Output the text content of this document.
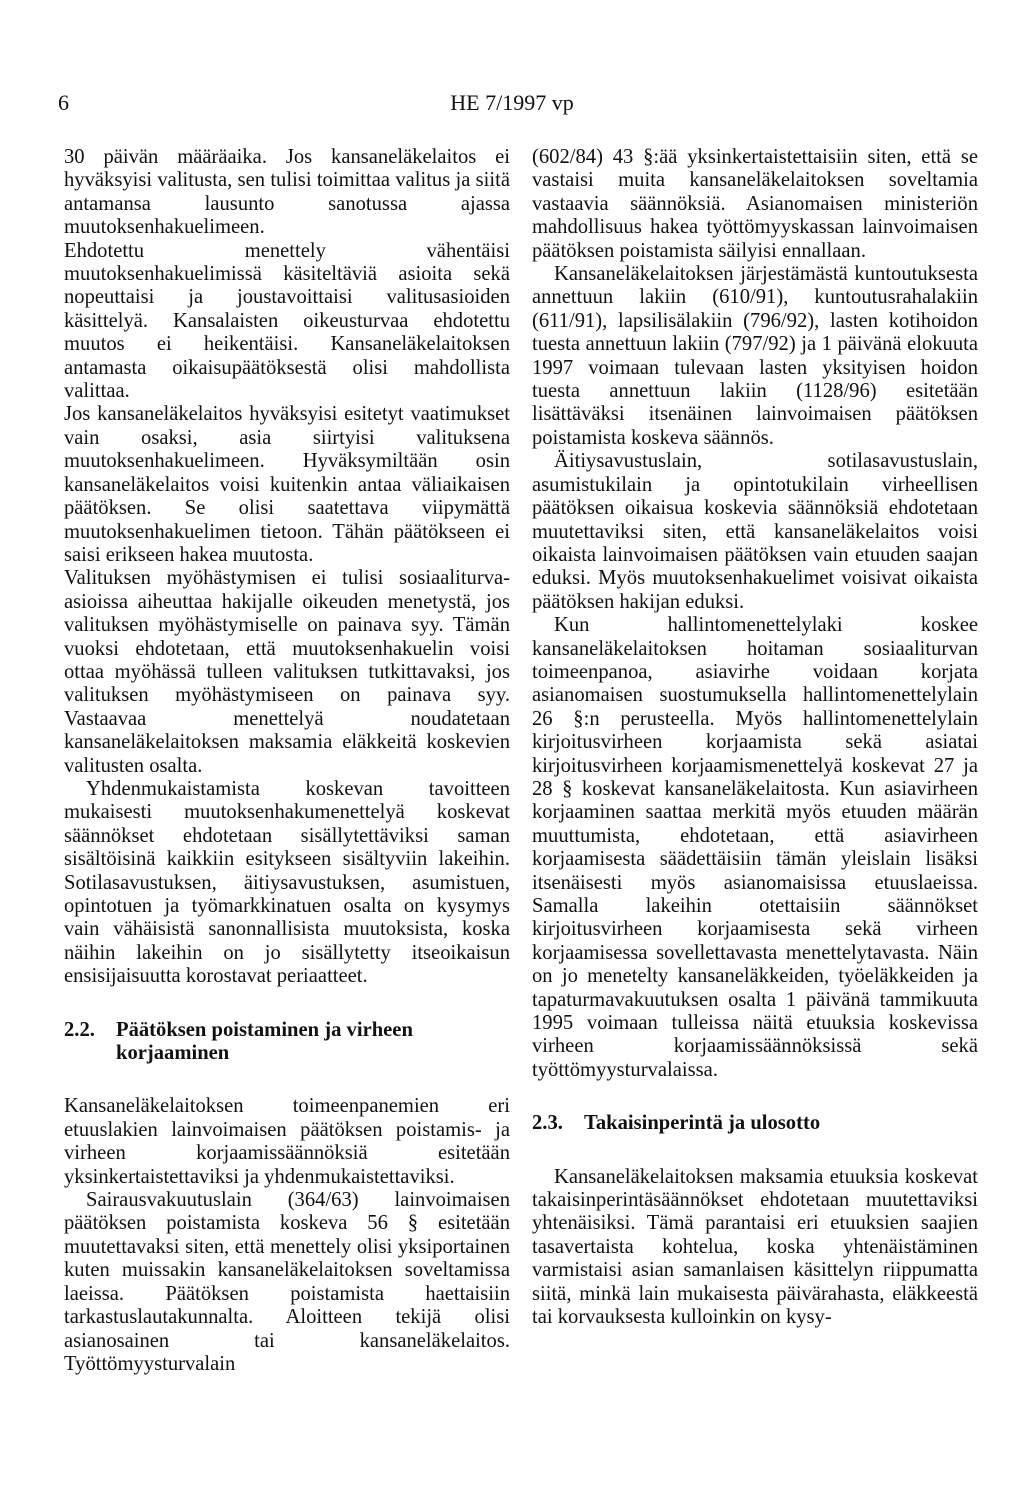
6	HE 7/1997 vp

30 päivän määräaika. Jos kansaneläkelaitos ei hyväksyisi valitusta, sen tulisi toimittaa valitus ja siitä antamansa lausunto sanotussa ajassa muutoksenhakuelimeen.

Ehdotettu menettely vähentäisi muutoksenhakuelimissä käsiteltäviä asioita sekä nopeuttaisi ja joustavoittaisi valitusasioiden käsittelyä. Kansalaisten oikeusturvaa ehdotettu muutos ei heikentäisi. Kansaneläkelaitoksen antamasta oikaisupäätöksestä olisi mahdollista valittaa.

Jos kansaneläkelaitos hyväksyisi esitetyt vaatimukset vain osaksi, asia siirtyisi valituksena muutoksenhakuelimeen. Hyväksymiltään osin kansaneläkelaitos voisi kuitenkin antaa väliaikaisen päätöksen. Se olisi saatettava viipymättä muutoksenhakuelimen tietoon. Tähän päätökseen ei saisi erikseen hakea muutosta.

Valituksen myöhästymisen ei tulisi sosiaaliturva-asioissa aiheuttaa hakijalle oikeuden menetystä, jos valituksen myöhästymiselle on painava syy. Tämän vuoksi ehdotetaan, että muutoksenhakuelin voisi ottaa myöhässä tulleen valituksen tutkittavaksi, jos valituksen myöhästymiseen on painava syy. Vastaavaa menettelyä noudatetaan kansaneläkelaitoksen maksamia eläkkeitä koskevien valitusten osalta.

Yhdenmukaistamista koskevan tavoitteen mukaisesti muutoksenhakumenettelyä koskevat säännökset ehdotetaan sisällytettäviksi saman sisältöisinä kaikkiin esitykseen sisältyviin lakeihin. Sotilasavustuksen, äitiysavustuksen, asumistuen, opintotuen ja työmarkkinatuen osalta on kysymys vain vähäisistä sanonnallisista muutoksista, koska näihin lakeihin on jo sisällytetty itseoikaisun ensisijaisuutta korostavat periaatteet.

2.2.	Päätöksen poistaminen ja virheen korjaaminen

Kansaneläkelaitoksen toimeenpanemien eri etuuslakien lainvoimaisen päätöksen poistamis- ja virheen korjaamissäännöksiä esitetään yksinkertaistettaviksi ja yhdenmukaistettaviksi.

Sairausvakuutuslain (364/63) lainvoimaisen päätöksen poistamista koskeva 56 § esitetään muutettavaksi siten, että menettely olisi yksiportainen kuten muissakin kansaneläkelaitoksen soveltamissa laeissa. Päätöksen poistamista haettaisiin tarkastuslautakunnalta. Aloitteen tekijä olisi asianosainen tai kansaneläkelaitos. Työttömyysturvalain

(602/84) 43 §:ää yksinkertaistettaisiin siten, että se vastaisi muita kansaneläkelaitoksen soveltamia vastaavia säännöksiä. Asianomaisen ministeriön mahdollisuus hakea työttömyyskassan lainvoimaisen päätöksen poistamista säilyisi ennallaan.

Kansaneläkelaitoksen järjestämästä kuntoutuksesta annettuun lakiin (610/91), kuntoutusrahalakiin (611/91), lapsilisälakiin (796/92), lasten kotihoidon tuesta annettuun lakiin (797/92) ja 1 päivänä elokuuta 1997 voimaan tulevaan lasten yksityisen hoidon tuesta annettuun lakiin (1128/96) esitetään lisättäväksi itsenäinen lainvoimaisen päätöksen poistamista koskeva säännös.

Äitiysavustuslain, sotilasavustuslain, asumistukilain ja opintotukilain virheellisen päätöksen oikaisua koskevia säännöksiä ehdotetaan muutettaviksi siten, että kansaneläkelaitos voisi oikaista lainvoimaisen päätöksen vain etuuden saajan eduksi. Myös muutoksenhakuelimet voisivat oikaista päätöksen hakijan eduksi.

Kun hallintomenettelylaki koskee kansaneläkelaitoksen hoitaman sosiaaliturvan toimeenpanoa, asiavirhe voidaan korjata asianomaisen suostumuksella hallintomenettelylain 26 §:n perusteella. Myös hallintomenettelylain kirjoitusvirheen korjaamista sekä asiatai kirjoitusvirheen korjaamismenettelyä koskevat 27 ja 28 § koskevat kansaneläkelaitosta. Kun asiavirheen korjaaminen saattaa merkitä myös etuuden määrän muuttumista, ehdotetaan, että asiavirheen korjaamisesta säädettäisiin tämän yleislain lisäksi itsenäisesti myös asianomaisissa etuuslaeissa. Samalla lakeihin otettaisiin säännökset kirjoitusvirheen korjaamisesta sekä virheen korjaamisessa sovellettavasta menettelytavasta. Näin on jo menetelty kansaneläkkeiden, työeläkkeiden ja tapaturmavakuutuksen osalta 1 päivänä tammikuuta 1995 voimaan tulleissa näitä etuuksia koskevissa virheen korjaamissäännöksissä sekä työttömyysturvalaissa.

2.3.	Takaisinperintä ja ulosotto

Kansaneläkelaitoksen maksamia etuuksia koskevat takaisinperintäsäännökset ehdotetaan muutettaviksi yhtenäisiksi. Tämä parantaisi eri etuuksien saajien tasavertaista kohtelua, koska yhtenäistäminen varmistaisi asian samanlaisen käsittelyn riippumatta siitä, minkä lain mukaisesta päivärahasta, eläkkeestä tai korvauksesta kulloinkin on kysy-
